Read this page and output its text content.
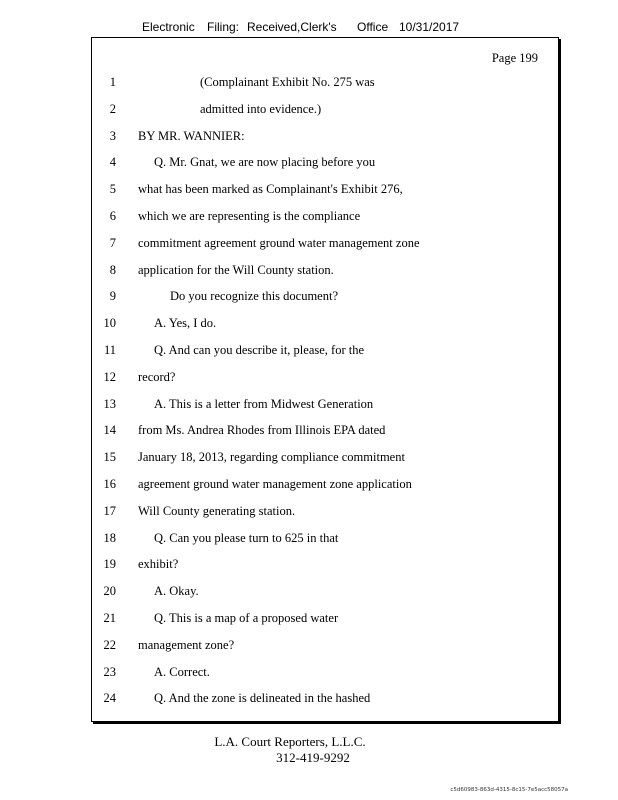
Electronic Filing: Received,Clerk's Office 10/31/2017
Page 199
1	(Complainant Exhibit No. 275 was
2	admitted into evidence.)
3 BY MR. WANNIER:
4	Q. Mr. Gnat, we are now placing before you
5 what has been marked as Complainant's Exhibit 276,
6 which we are representing is the compliance
7 commitment agreement ground water management zone
8 application for the Will County station.
9	Do you recognize this document?
10	A. Yes, I do.
11	Q. And can you describe it, please, for the
12 record?
13	A. This is a letter from Midwest Generation
14 from Ms. Andrea Rhodes from Illinois EPA dated
15 January 18, 2013, regarding compliance commitment
16 agreement ground water management zone application
17 Will County generating station.
18	Q. Can you please turn to 625 in that
19 exhibit?
20	A. Okay.
21	Q. This is a map of a proposed water
22 management zone?
23	A. Correct.
24	Q. And the zone is delineated in the hashed
L.A. Court Reporters, L.L.C.
312-419-9292
c5d60983-863d-4315-8c15-7e5acc58057a
